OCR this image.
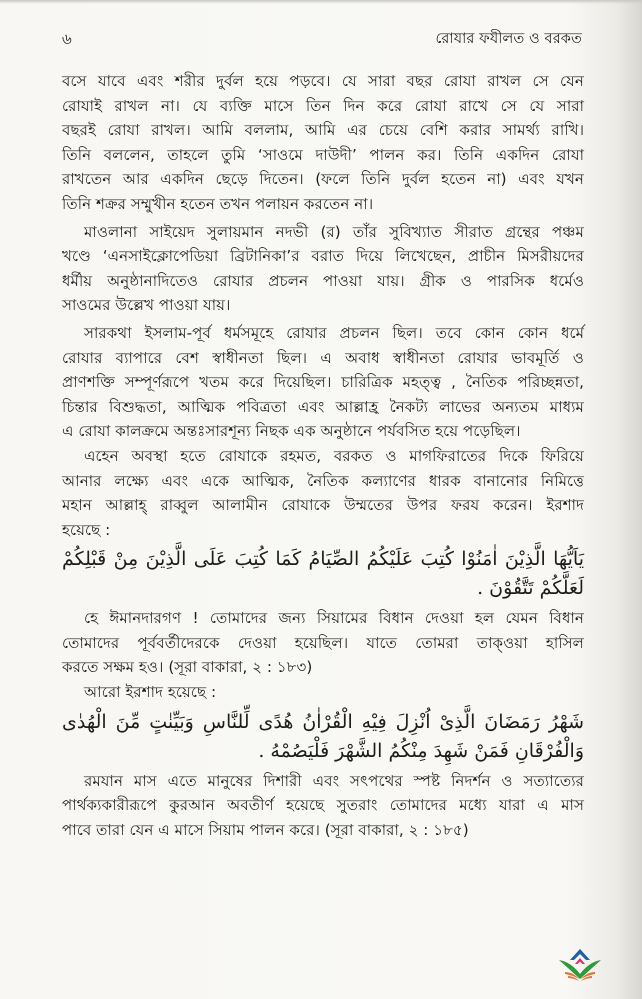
৬	রোযার ফযীলত ও বরকত
বসে যাবে এবং শরীর দুর্বল হয়ে পড়বে। যে সারা বছর রোযা রাখল সে যেন
রোযাই রাখল না। যে ব্যক্তি মাসে তিন দিন করে রোযা রাখে সে যে সারা
বছরই রোযা রাখল। আমি বললাম, আমি এর চেয়ে বেশি করার সামর্থ্য রাখি।
তিনি বললেন, তাহলে তুমি ‘সাওমে দাউদী’ পালন কর। তিনি একদিন রোযা
রাখতেন আর একদিন ছেড়ে দিতেন। (ফলে তিনি দুর্বল হতেন না) এবং যখন
তিনি শক্রর সম্মুখীন হতেন তখন পলায়ন করতেন না।
মাওলানা সাইয়েদ সুলায়মান নদভী (র) তাঁর সুবিখ্যাত সীরাত গ্রন্থের পঞ্চম
খণ্ডে ‘এনসাইক্লোপেডিয়া ব্রিটানিকা’র বরাত দিয়ে লিখেছেন, প্রাচীন মিসরীয়দের
ধর্মীয় অনুষ্ঠানাদিতেও রোযার প্রচলন পাওয়া যায়। গ্রীক ও পারসিক ধর্মেও
সাওমের উল্লেখ পাওয়া যায়।
সারকথা ইসলাম-পূর্ব ধর্মসমূহে রোযার প্রচলন ছিল। তবে কোন কোন ধর্মে
রোযার ব্যাপারে বেশ স্বাধীনতা ছিল। এ অবাধ স্বাধীনতা রোযার ভাবমূর্তি ও
প্রাণশক্তি সম্পূর্ণরূপে খতম করে দিয়েছিল। চারিত্রিক মহত্ত্ব , নৈতিক পরিচ্ছন্নতা,
চিন্তার বিশুদ্ধতা, আত্মিক পবিত্রতা এবং আল্লাহ্র নৈকট্য লাভের অন্যতম মাধ্যম
এ রোযা কালক্রমে অন্তঃসারশূন্য নিছক এক অনুষ্ঠানে পর্যবসিত হয়ে পড়েছিল।
এহেন অবস্থা হতে রোযাকে রহমত, বরকত ও মাগফিরাতের দিকে ফিরিয়ে
আনার লক্ষ্যে এবং একে আত্মিক, নৈতিক কল্যাণের ধারক বানানোর নিমিত্তে
মহান আল্লাহ্ রাব্বুল আলামীন রোযাকে উম্মতের উপর ফরয করেন। ইরশাদ
হয়েছে :
يَاَيُّهَا الَّذِيْنَ اٰمَنُوْا كُتِبَ عَلَيْكُمُ الصِّيَامُ كَمَا كُتِبَ عَلَى الَّذِيْنَ مِنْ قَبْلِكُمْ
لَعَلَّكُمْ تَتَّقُوْنَ .
হে ঈমানদারগণ ! তোমাদের জন্য সিয়ামের বিধান দেওয়া হল যেমন বিধান
তোমাদের পূর্ববর্তীদেরকে দেওয়া হয়েছিল। যাতে তোমরা তাক্ওয়া হাসিল
করতে সক্ষম হও। (সূরা বাকারা, ২ : ১৮৩)
আরো ইরশাদ হয়েছে :
شَهْرُ رَمَضَانَ الَّذِىْ اُنْزِلَ فِيْهِ الْقُرْاٰنُ هُدًى لِّلنَّاسِ وَبَيِّنٰتٍ مِّنَ الْهُدٰى
وَالْفُرْقَانِ فَمَنْ شَهِدَ مِنْكُمُ الشَّهْرَ فَلْيَصُمْهُ .
রমযান মাস এতে মানুষের দিশারী এবং সৎপথের স্পষ্ট নিদর্শন ও সত্যাত্যের
পার্থক্যকারীরূপে কুরআন অবতীর্ণ হয়েছে সুতরাং তোমাদের মধ্যে যারা এ মাস
পাবে তারা যেন এ মাসে সিয়াম পালন করে। (সূরা বাকারা, ২ : ১৮৫)
